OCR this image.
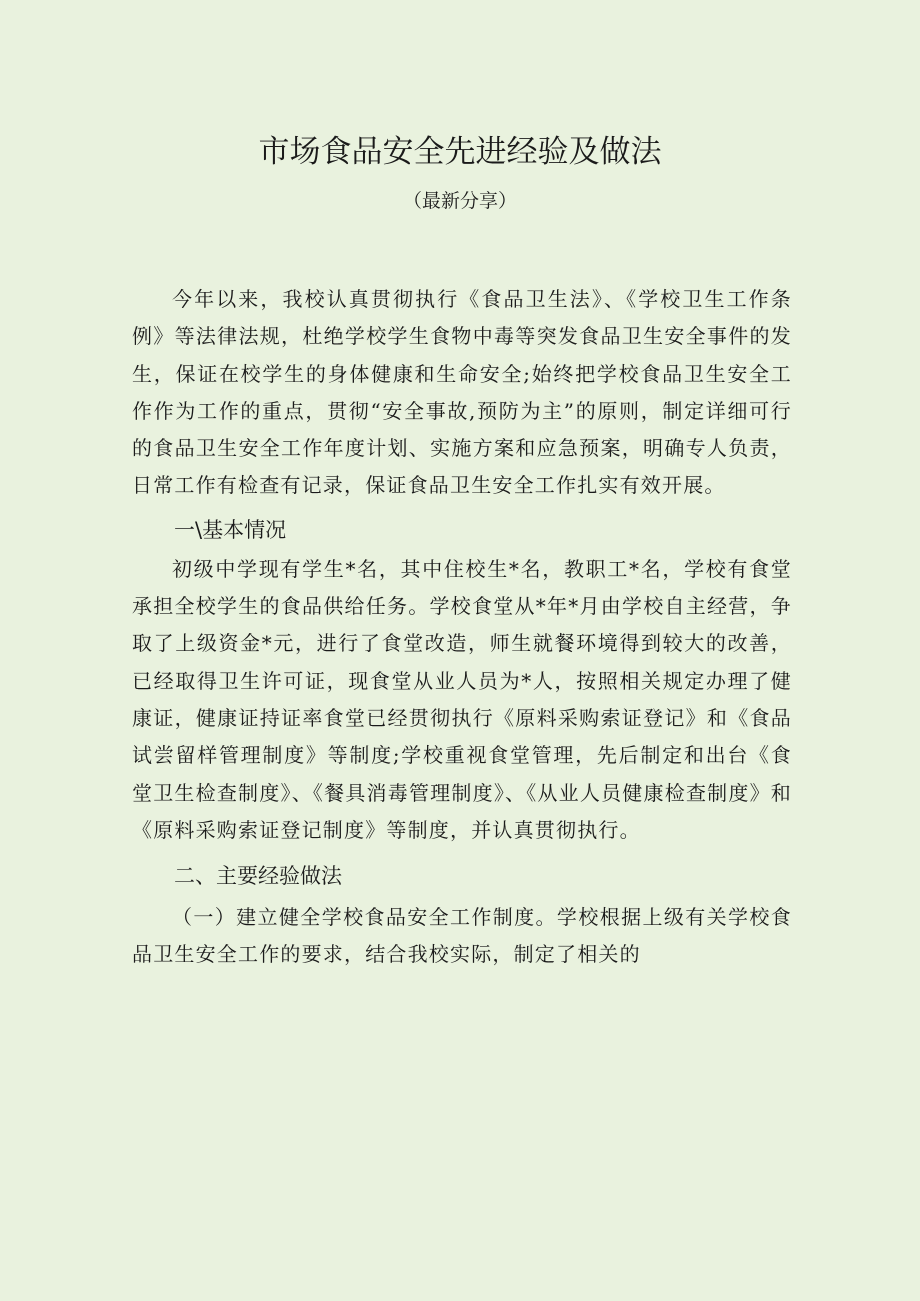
市场食品安全先进经验及做法

（最新分享）

今年以来，我校认真贯彻执行《食品卫生法》、《学校卫生工作条例》等法律法规，杜绝学校学生食物中毒等突发食品卫生安全事件的发生，保证在校学生的身体健康和生命安全;始终把学校食品卫生安全工作作为工作的重点，贯彻“安全事故,预防为主”的原则，制定详细可行的食品卫生安全工作年度计划、实施方案和应急预案，明确专人负责，日常工作有检查有记录，保证食品卫生安全工作扎实有效开展。

一\基本情况

初级中学现有学生*名，其中住校生*名，教职工*名，学校有食堂承担全校学生的食品供给任务。学校食堂从*年*月由学校自主经营，争取了上级资金*元，进行了食堂改造，师生就餐环境得到较大的改善，已经取得卫生许可证，现食堂从业人员为*人，按照相关规定办理了健康证，健康证持证率食堂已经贯彻执行《原料采购索证登记》和《食品试尝留样管理制度》等制度;学校重视食堂管理，先后制定和出台《食堂卫生检查制度》、《餐具消毒管理制度》、《从业人员健康检查制度》和《原料采购索证登记制度》等制度，并认真贯彻执行。

二、主要经验做法

（一）建立健全学校食品安全工作制度。学校根据上级有关学校食品卫生安全工作的要求，结合我校实际，制定了相关的
